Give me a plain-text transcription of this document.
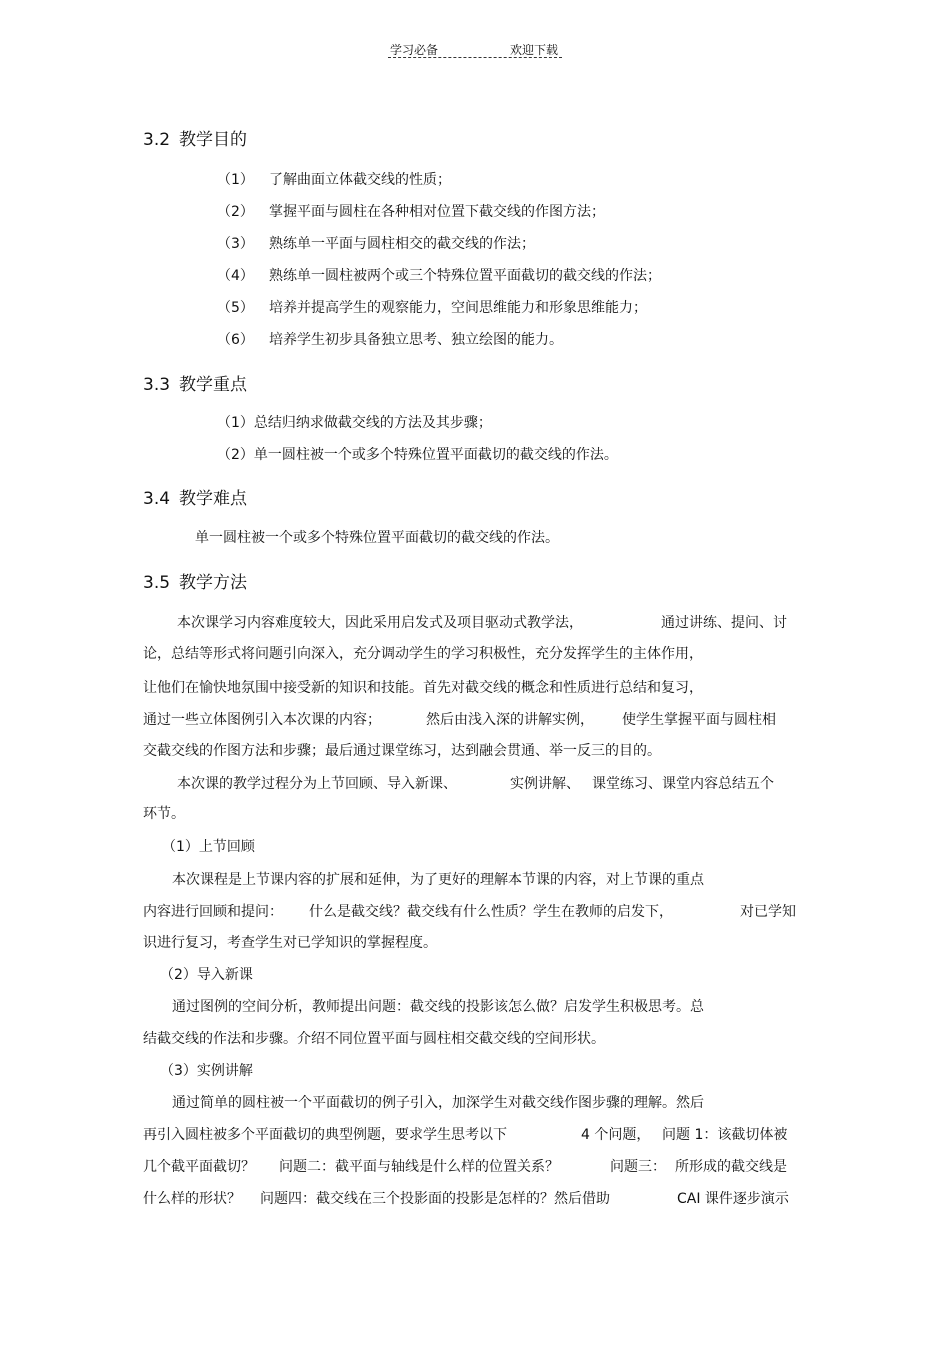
学习必备	欢迎下载
3.2 教学目的
（1） 了解曲面立体截交线的性质；
（2） 掌握平面与圆柱在各种相对位置下截交线的作图方法；
（3） 熟练单一平面与圆柱相交的截交线的作法；
（4） 熟练单一圆柱被两个或三个特殊位置平面截切的截交线的作法；
（5） 培养并提高学生的观察能力，空间思维能力和形象思维能力；
（6） 培养学生初步具备独立思考、独立绘图的能力。
3.3 教学重点
（1）总结归纳求做截交线的方法及其步骤；
（2）单一圆柱被一个或多个特殊位置平面截切的截交线的作法。
3.4 教学难点
单一圆柱被一个或多个特殊位置平面截切的截交线的作法。
3.5 教学方法
本次课学习内容难度较大，因此采用启发式及项目驱动式教学法，	通过讲练、提问、讨
论，总结等形式将问题引向深入，充分调动学生的学习积极性，充分发挥学生的主体作用，
让他们在愉快地氛围中接受新的知识和技能。首先对截交线的概念和性质进行总结和复习，
通过一些立体图例引入本次课的内容；	然后由浅入深的讲解实例， 使学生掌握平面与圆柱相
交截交线的作图方法和步骤；最后通过课堂练习，达到融会贯通、举一反三的目的。
本次课的教学过程分为上节回顾、导入新课、	实例讲解、 课堂练习、课堂内容总结五个
环节。
（1）上节回顾
本次课程是上节课内容的扩展和延伸，为了更好的理解本节课的内容，对上节课的重点
内容进行回顾和提问： 什么是截交线？截交线有什么性质？学生在教师的启发下，	对已学知
识进行复习，考查学生对已学知识的掌握程度。
（2）导入新课
通过图例的空间分析，教师提出问题：截交线的投影该怎么做？启发学生积极思考。总
结截交线的作法和步骤。介绍不同位置平面与圆柱相交截交线的空间形状。
（3）实例讲解
通过简单的圆柱被一个平面截切的例子引入，加深学生对截交线作图步骤的理解。然后
再引入圆柱被多个平面截切的典型例题，要求学生思考以下	4 个问题， 问题 1：该截切体被
几个截平面截切？ 问题二：截平面与轴线是什么样的位置关系？	问题三： 所形成的截交线是
什么样的形状？ 问题四：截交线在三个投影面的投影是怎样的？然后借助	CAI 课件逐步演示
